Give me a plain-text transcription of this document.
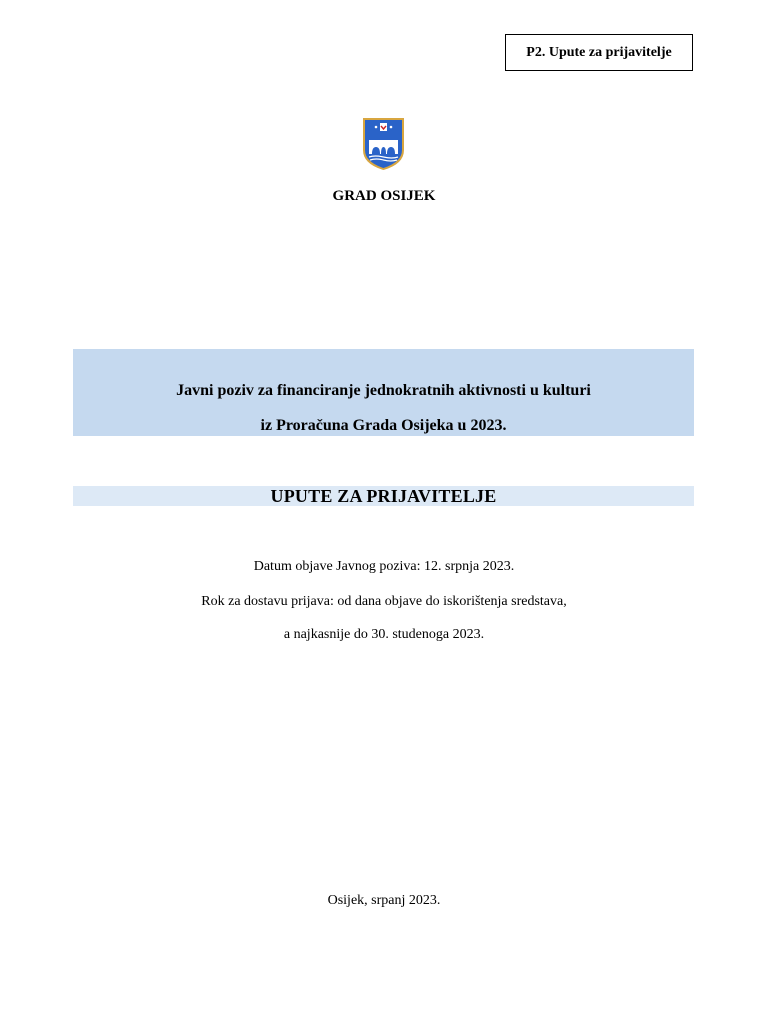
P2. Upute za prijavitelje
GRAD OSIJEK
Javni poziv za financiranje jednokratnih aktivnosti u kulturi
iz Proračuna Grada Osijeka u 2023.
UPUTE ZA PRIJAVITELJE
Datum objave Javnog poziva: 12. srpnja 2023.
Rok za dostavu prijava: od dana objave do iskorištenja sredstava,
a najkasnije do 30. studenoga 2023.
Osijek, srpanj 2023.
